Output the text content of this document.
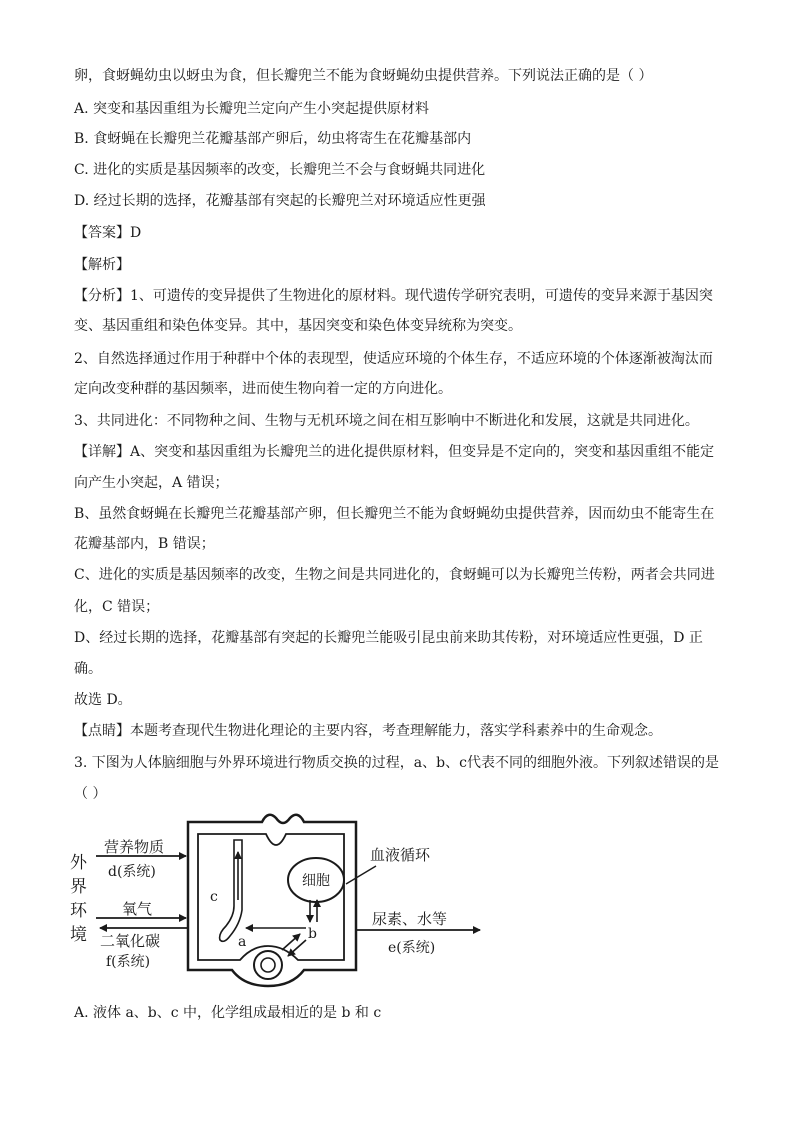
卵，食蚜蝇幼虫以蚜虫为食，但长瓣兜兰不能为食蚜蝇幼虫提供营养。下列说法正确的是（ ）
A. 突变和基因重组为长瓣兜兰定向产生小突起提供原材料
B. 食蚜蝇在长瓣兜兰花瓣基部产卵后，幼虫将寄生在花瓣基部内
C. 进化的实质是基因频率的改变，长瓣兜兰不会与食蚜蝇共同进化
D. 经过长期的选择，花瓣基部有突起的长瓣兜兰对环境适应性更强
【答案】D
【解析】
【分析】1、可遗传的变异提供了生物进化的原材料。现代遗传学研究表明，可遗传的变异来源于基因突
变、基因重组和染色体变异。其中，基因突变和染色体变异统称为突变。
2、自然选择通过作用于种群中个体的表现型，使适应环境的个体生存，不适应环境的个体逐渐被淘汰而
定向改变种群的基因频率，进而使生物向着一定的方向进化。
3、共同进化：不同物种之间、生物与无机环境之间在相互影响中不断进化和发展，这就是共同进化。
【详解】A、突变和基因重组为长瓣兜兰的进化提供原材料，但变异是不定向的，突变和基因重组不能定
向产生小突起，A 错误；
B、虽然食蚜蝇在长瓣兜兰花瓣基部产卵，但长瓣兜兰不能为食蚜蝇幼虫提供营养，因而幼虫不能寄生在
花瓣基部内，B 错误；
C、进化的实质是基因频率的改变，生物之间是共同进化的，食蚜蝇可以为长瓣兜兰传粉，两者会共同进
化，C 错误；
D、经过长期的选择，花瓣基部有突起的长瓣兜兰能吸引昆虫前来助其传粉，对环境适应性更强，D 正
确。
故选 D。
【点睛】本题考查现代生物进化理论的主要内容，考查理解能力，落实学科素养中的生命观念。
3. 下图为人体脑细胞与外界环境进行物质交换的过程，a、b、c代表不同的细胞外液。下列叙述错误的是
（ ）
细胞
a	b
c
外
界
环
境
营养物质
d(系统)
氧气
二氧化碳
f(系统)
血液循环
尿素、水等
e(系统)
A. 液体 a、b、c 中，化学组成最相近的是 b 和 c
